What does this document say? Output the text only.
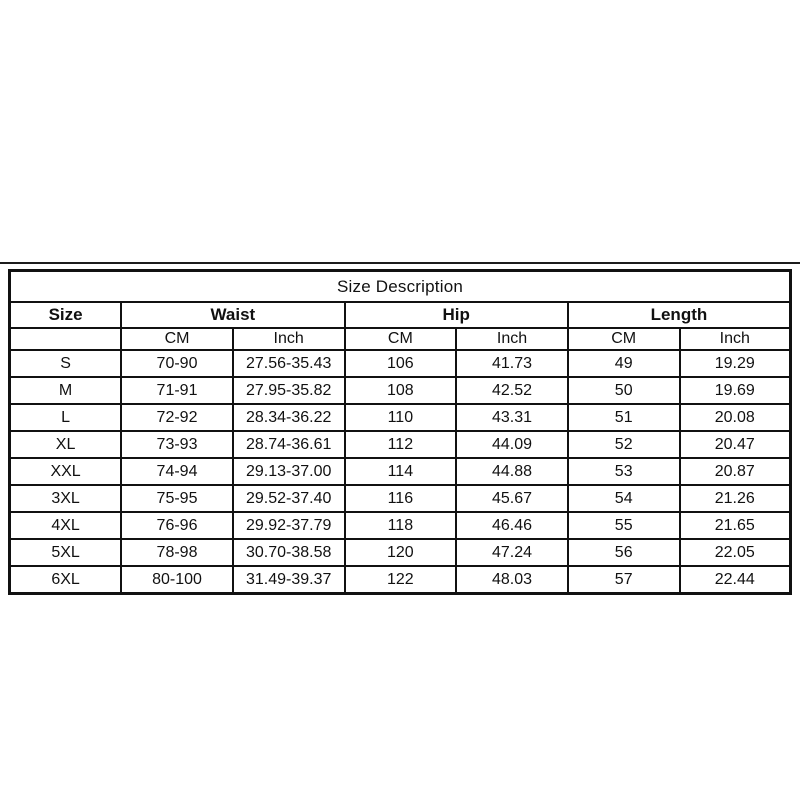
Size Description						
Size	Waist		Hip		Length	
	CM	Inch	CM	Inch	CM	Inch
S	70-90	27.56-35.43	106	41.73	49	19.29
M	71-91	27.95-35.82	108	42.52	50	19.69
L	72-92	28.34-36.22	110	43.31	51	20.08
XL	73-93	28.74-36.61	112	44.09	52	20.47
XXL	74-94	29.13-37.00	114	44.88	53	20.87
3XL	75-95	29.52-37.40	116	45.67	54	21.26
4XL	76-96	29.92-37.79	118	46.46	55	21.65
5XL	78-98	30.70-38.58	120	47.24	56	22.05
6XL	80-100	31.49-39.37	122	48.03	57	22.44
